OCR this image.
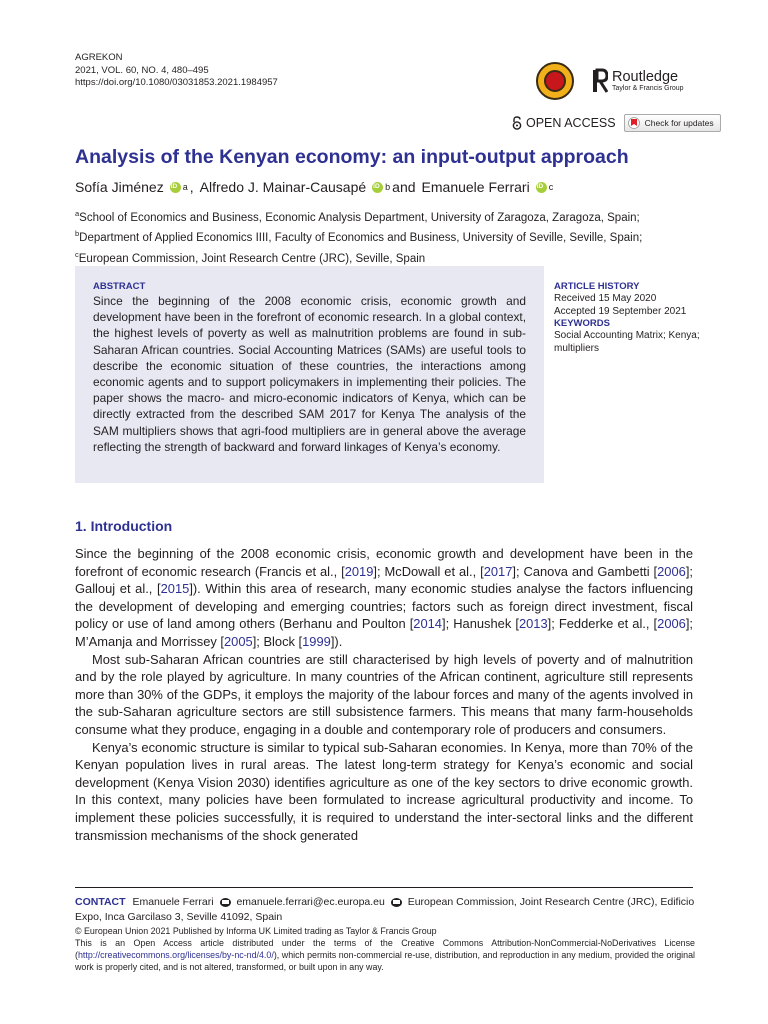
AGREKON
2021, VOL. 60, NO. 4, 480–495
https://doi.org/10.1080/03031853.2021.1984957	Routledge
Taylor & Francis Group
OPEN ACCESS	Check for updates
Analysis of the Kenyan economy: an input-output approach
Sofía Jiménez iD a , Alfredo J. Mainar-Causapé iD b and Emanuele Ferrari iD c
$^a$School of Economics and Business, Economic Analysis Department, University of Zaragoza, Zaragoza, Spain;
$^b$Department of Applied Economics IIII, Faculty of Economics and Business, University of Seville, Seville, Spain;
$^c$European Commission, Joint Research Centre (JRC), Seville, Spain
ABSTRACT
Since the beginning of the 2008 economic crisis, economic growth and development have been in the forefront of economic research. In a global context, the highest levels of poverty as well as malnutrition problems are found in sub-Saharan African countries. Social Accounting Matrices (SAMs) are useful tools to describe the economic situation of these countries, the interactions among economic agents and to support policymakers in implementing their policies. The paper shows the macro- and micro-economic indicators of Kenya, which can be directly extracted from the described SAM 2017 for Kenya The analysis of the SAM multipliers shows that agri-food multipliers are in general above the average reflecting the strength of backward and forward linkages of Kenya’s economy.
ARTICLE HISTORY
Received 15 May 2020
Accepted 19 September 2021
KEYWORDS
Social Accounting Matrix; Kenya; multipliers
1. Introduction

Since the beginning of the 2008 economic crisis, economic growth and development have been in the forefront of economic research (Francis et al., [2019]; McDowall et al., [2017]; Canova and Gambetti [2006]; Gallouj et al., [2015]). Within this area of research, many economic studies analyse the factors influencing the development of developing and emerging countries; factors such as foreign direct investment, fiscal policy or use of land among others (Berhanu and Poulton [2014]; Hanushek [2013]; Fedderke et al., [2006]; M’Amanja and Morrissey [2005]; Block [1999]).

Most sub-Saharan African countries are still characterised by high levels of poverty and of malnutrition and by the role played by agriculture. In many countries of the African continent, agriculture still represents more than 30% of the GDPs, it employs the majority of the labour forces and many of the agents involved in the sub-Saharan agriculture sectors are still subsistence farmers. This means that many farm-households consume what they produce, engaging in a double and contemporary role of producers and consumers.

Kenya’s economic structure is similar to typical sub-Saharan economies. In Kenya, more than 70% of the Kenyan population lives in rural areas. The latest long-term strategy for Kenya’s economic and social development (Kenya Vision 2030) identifies agriculture as one of the key sectors to drive economic growth. In this context, many policies have been formulated to increase agricultural productivity and income. To implement these policies successfully, it is required to understand the inter-sectoral links and the different transmission mechanisms of the shock generated

CONTACT Emanuele Ferrari emanuele.ferrari@ec.europa.eu European Commission, Joint Research Centre (JRC), Edificio Expo, Inca Garcilaso 3, Seville 41092, Spain
© European Union 2021 Published by Informa UK Limited trading as Taylor & Francis Group
This is an Open Access article distributed under the terms of the Creative Commons Attribution-NonCommercial-NoDerivatives License (http://creativecommons.org/licenses/by-nc-nd/4.0/), which permits non-commercial re-use, distribution, and reproduction in any medium, provided the original work is properly cited, and is not altered, transformed, or built upon in any way.
